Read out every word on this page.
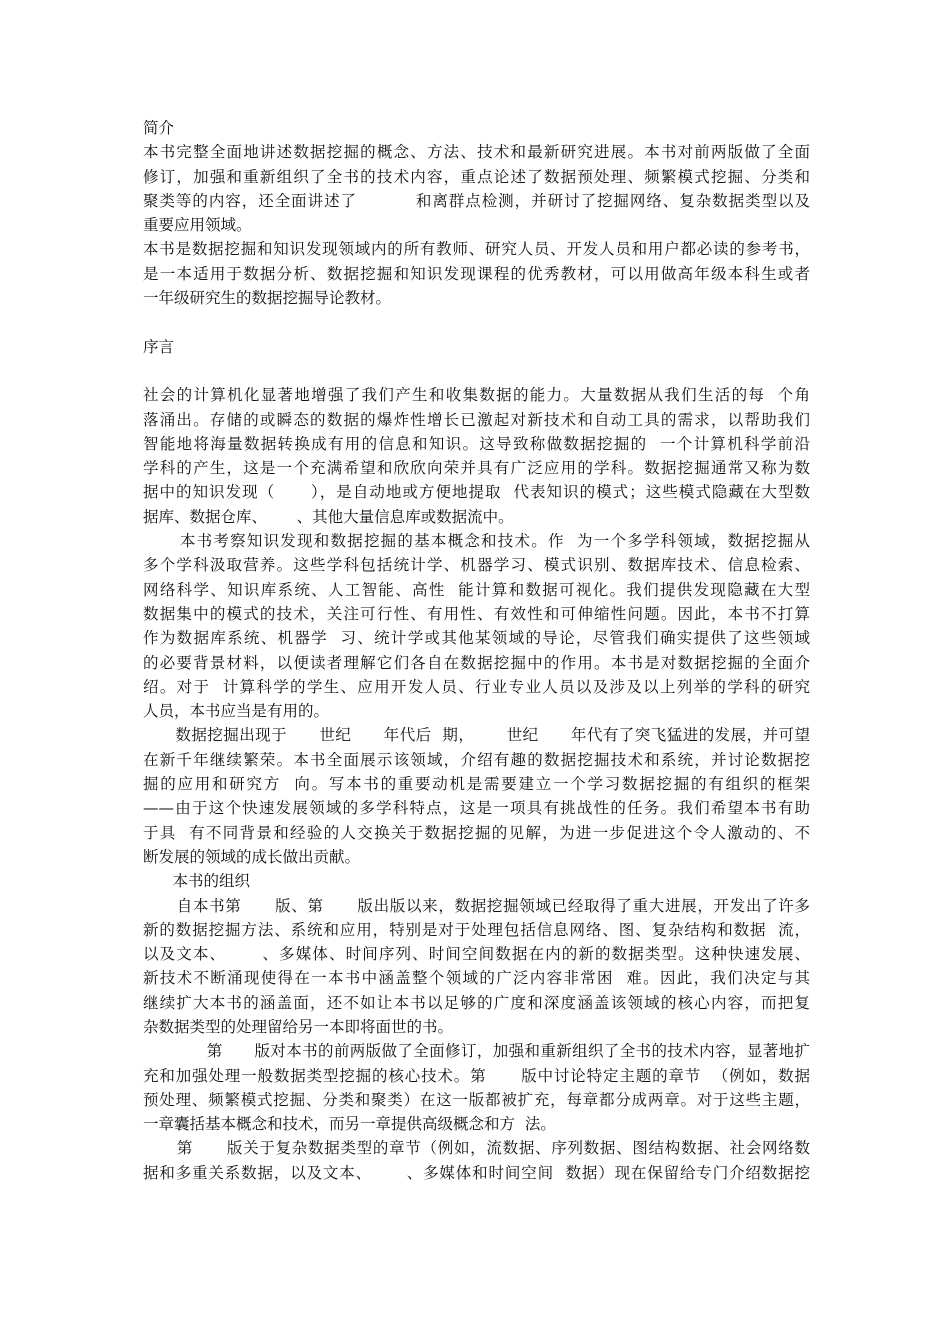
简介
本书完整全面地讲述数据挖掘的概念、方法、技术和最新研究进展。本书对前两版做了全面
修订，加强和重新组织了全书的技术内容，重点论述了数据预处理、频繁模式挖掘、分类和
聚类等的内容，还全面讲述了          和离群点检测，并研讨了挖掘网络、复杂数据类型以及
重要应用领域。
本书是数据挖掘和知识发现领域内的所有教师、研究人员、开发人员和用户都必读的参考书，
是一本适用于数据分析、数据挖掘和知识发现课程的优秀教材，可以用做高年级本科生或者
一年级研究生的数据挖掘导论教材。
序言
社会的计算机化显著地增强了我们产生和收集数据的能力。大量数据从我们生活的每  个角
落涌出。存储的或瞬态的数据的爆炸性增长已激起对新技术和自动工具的需求，以帮助我们
智能地将海量数据转换成有用的信息和知识。这导致称做数据挖掘的  一个计算机科学前沿
学科的产生，这是一个充满希望和欣欣向荣并具有广泛应用的学科。数据挖掘通常又称为数
据中的知识发现（      ），是自动地或方便地提取  代表知识的模式；这些模式隐藏在大型数
据库、数据仓库、      、其他大量信息库或数据流中。
本书考察知识发现和数据挖掘的基本概念和技术。作  为一个多学科领域，数据挖掘从
多个学科汲取营养。这些学科包括统计学、机器学习、模式识别、数据库技术、信息检索、
网络科学、知识库系统、人工智能、高性  能计算和数据可视化。我们提供发现隐藏在大型
数据集中的模式的技术，关注可行性、有用性、有效性和可伸缩性问题。因此，本书不打算
作为数据库系统、机器学  习、统计学或其他某领域的导论，尽管我们确实提供了这些领域
的必要背景材料，以便读者理解它们各自在数据挖掘中的作用。本书是对数据挖掘的全面介
绍。对于  计算科学的学生、应用开发人员、行业专业人员以及涉及以上列举的学科的研究
人员，本书应当是有用的。
数据挖掘出现于      世纪      年代后  期，      世纪      年代有了突飞猛进的发展，并可望
在新千年继续繁荣。本书全面展示该领域，介绍有趣的数据挖掘技术和系统，并讨论数据挖
掘的应用和研究方  向。写本书的重要动机是需要建立一个学习数据挖掘的有组织的框架
——由于这个快速发展领域的多学科特点，这是一项具有挑战性的任务。我们希望本书有助
于具  有不同背景和经验的人交换关于数据挖掘的见解，为进一步促进这个令人激动的、不
断发展的领域的成长做出贡献。
本书的组织
自本书第      版、第      版出版以来，数据挖掘领域已经取得了重大进展，开发出了许多
新的数据挖掘方法、系统和应用，特别是对于处理包括信息网络、图、复杂结构和数据  流，
以及文本、      、多媒体、时间序列、时间空间数据在内的新的数据类型。这种快速发展、
新技术不断涌现使得在一本书中涵盖整个领域的广泛内容非常困  难。因此，我们决定与其
继续扩大本书的涵盖面，还不如让本书以足够的广度和深度涵盖该领域的核心内容，而把复
杂数据类型的处理留给另一本即将面世的书。
第      版对本书的前两版做了全面修订，加强和重新组织了全书的技术内容，显著地扩
充和加强处理一般数据类型挖掘的核心技术。第      版中讨论特定主题的章节  （例如，数据
预处理、频繁模式挖掘、分类和聚类）在这一版都被扩充，每章都分成两章。对于这些主题，
一章囊括基本概念和技术，而另一章提供高级概念和方  法。
第      版关于复杂数据类型的章节（例如，流数据、序列数据、图结构数据、社会网络数
据和多重关系数据，以及文本、      、多媒体和时间空间  数据）现在保留给专门介绍数据挖
